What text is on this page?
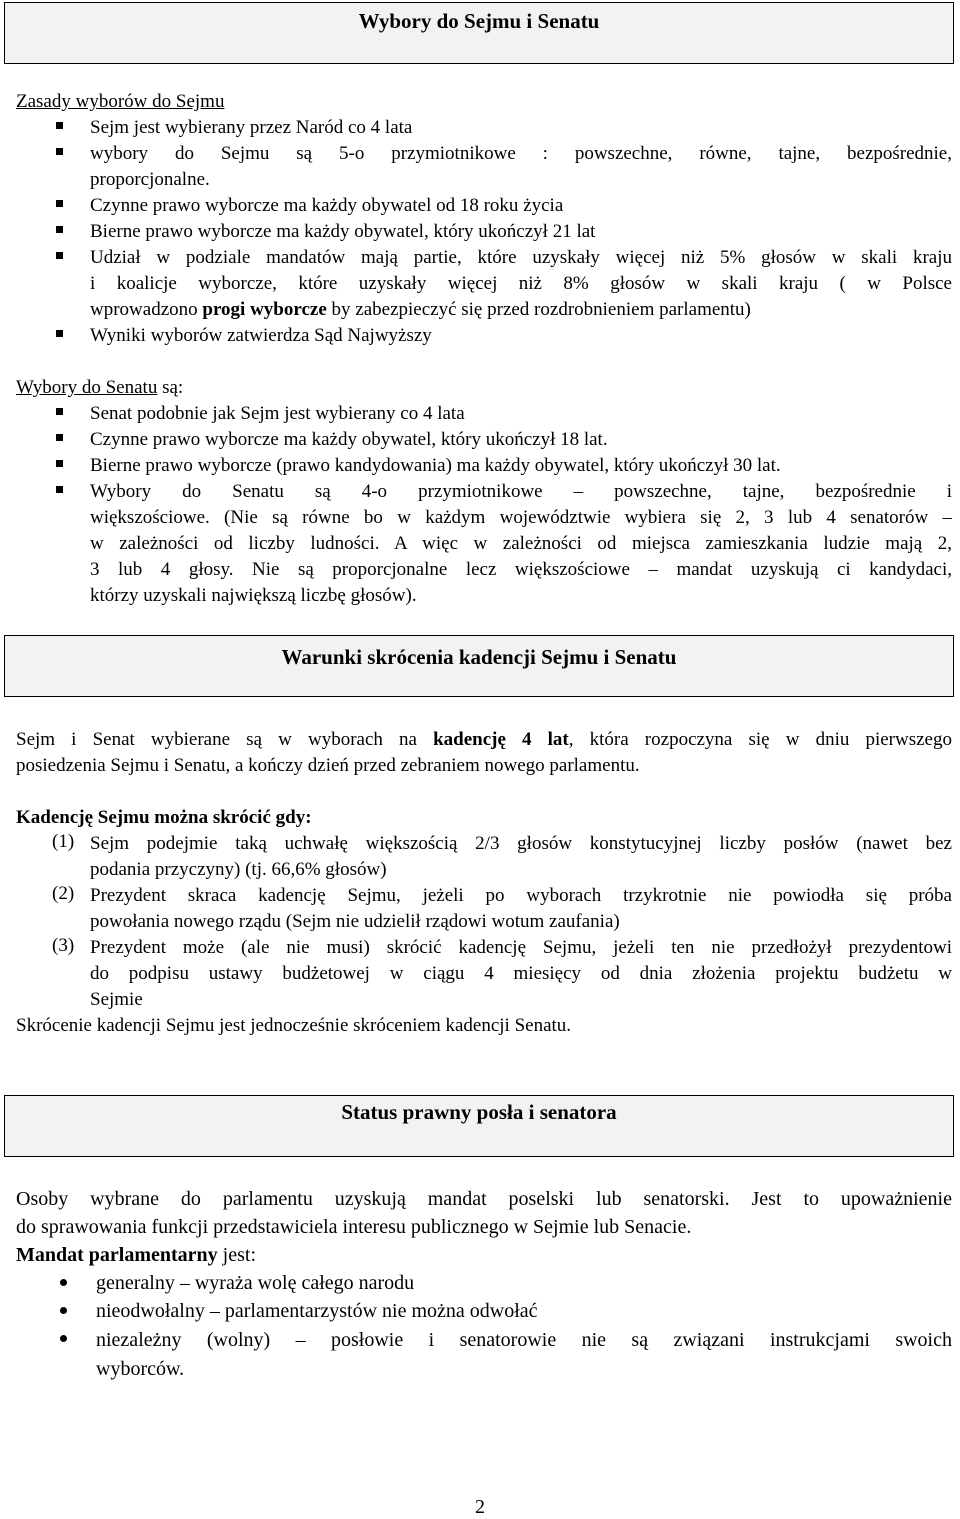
Wybory do Sejmu i Senatu
Zasady wyborów do Sejmu
Sejm jest wybierany przez Naród co 4 lata
wybory do Sejmu są 5-o przymiotnikowe : powszechne, równe, tajne, bezpośrednie,
proporcjonalne.
Czynne prawo wyborcze ma każdy obywatel od 18 roku życia
Bierne prawo wyborcze ma każdy obywatel, który ukończył 21 lat
Udział w podziale mandatów mają partie, które uzyskały więcej niż 5% głosów w skali kraju
i koalicje wyborcze, które uzyskały więcej niż 8% głosów w skali kraju ( w Polsce
wprowadzono progi wyborcze by zabezpieczyć się przed rozdrobnieniem parlamentu)
Wyniki wyborów zatwierdza Sąd Najwyższy
Wybory do Senatu są:
Senat podobnie jak Sejm jest wybierany co 4 lata
Czynne prawo wyborcze ma każdy obywatel, który ukończył 18 lat.
Bierne prawo wyborcze (prawo kandydowania) ma każdy obywatel, który ukończył 30 lat.
Wybory do Senatu są 4-o przymiotnikowe – powszechne, tajne, bezpośrednie i
większościowe. (Nie są równe bo w każdym województwie wybiera się 2, 3 lub 4 senatorów –
w zależności od liczby ludności. A więc w zależności od miejsca zamieszkania ludzie mają 2,
3 lub 4 głosy. Nie są proporcjonalne lecz większościowe – mandat uzyskują ci kandydaci,
którzy uzyskali największą liczbę głosów).
Warunki skrócenia kadencji Sejmu i Senatu
Sejm i Senat wybierane są w wyborach na kadencję 4 lat, która rozpoczyna się w dniu pierwszego
posiedzenia Sejmu i Senatu, a kończy dzień przed zebraniem nowego parlamentu.
Kadencję Sejmu można skrócić gdy:
(1) Sejm podejmie taką uchwałę większością 2/3 głosów konstytucyjnej liczby posłów (nawet bez
podania przyczyny) (tj. 66,6% głosów)
(2) Prezydent skraca kadencję Sejmu, jeżeli po wyborach trzykrotnie nie powiodła się próba
powołania nowego rządu (Sejm nie udzielił rządowi wotum zaufania)
(3) Prezydent może (ale nie musi) skrócić kadencję Sejmu, jeżeli ten nie przedłożył prezydentowi
do podpisu ustawy budżetowej w ciągu 4 miesięcy od dnia złożenia projektu budżetu w
Sejmie
Skrócenie kadencji Sejmu jest jednocześnie skróceniem kadencji Senatu.
Status prawny posła i senatora
Osoby wybrane do parlamentu uzyskują mandat poselski lub senatorski. Jest to upoważnienie
do sprawowania funkcji przedstawiciela interesu publicznego w Sejmie lub Senacie.
Mandat parlamentarny jest:
generalny – wyraża wolę całego narodu
nieodwołalny – parlamentarzystów nie można odwołać
niezależny (wolny) – posłowie i senatorowie nie są związani instrukcjami swoich
wyborców.
2
